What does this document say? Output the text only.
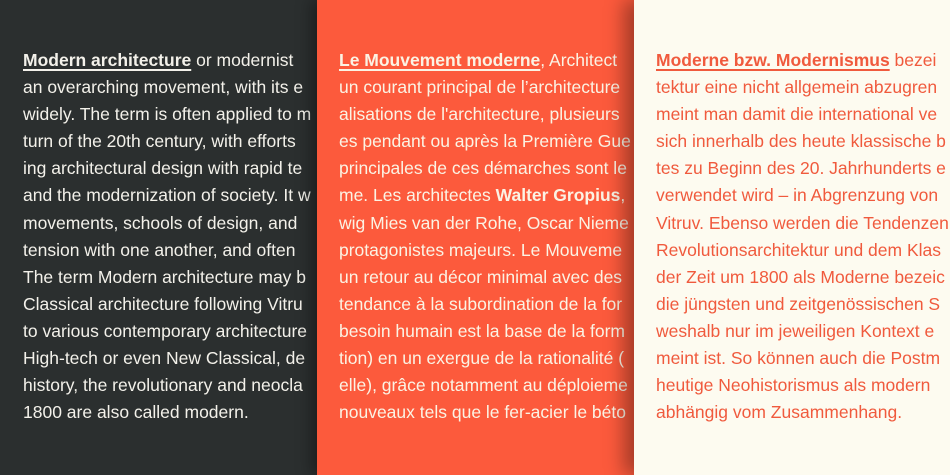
Modern architecture or modernist

an overarching movement, with its e

widely. The term is often applied to m

turn of the 20th century, with efforts

ing architectural design with rapid te

and the modernization of society. It w

movements, schools of design, and

tension with one another, and often

The term Modern architecture may b

Classical architecture following Vitru

to various contemporary architecture

High-tech or even New Classical, de

history, the revolutionary and neocla

1800 are also called modern.

Le Mouvement moderne, Architect

un courant principal de l’architecture

alisations de l'architecture, plusieurs

es pendant ou après la Première Gue

principales de ces démarches sont le

me. Les architectes Walter Gropius,

wig Mies van der Rohe, Oscar Nieme

protagonistes majeurs. Le Mouveme

un retour au décor minimal avec des

tendance à la subordination de la for

besoin humain est la base de la form

tion) en un exergue de la rationalité (

elle), grâce notamment au déploieme

nouveaux tels que le fer-acier le béto

Moderne bzw. Modernismus bezei

tektur eine nicht allgemein abzugren

meint man damit die international ve

sich innerhalb des heute klassische b

tes zu Beginn des 20. Jahrhunderts e

verwendet wird – in Abgrenzung von

Vitruv. Ebenso werden die Tendenzen

Revolutionsarchitektur und dem Klas

der Zeit um 1800 als Moderne bezeic

die jüngsten und zeitgenössischen S

weshalb nur im jeweiligen Kontext e

meint ist. So können auch die Postm

heutige Neohistorismus als modern

abhängig vom Zusammenhang.
